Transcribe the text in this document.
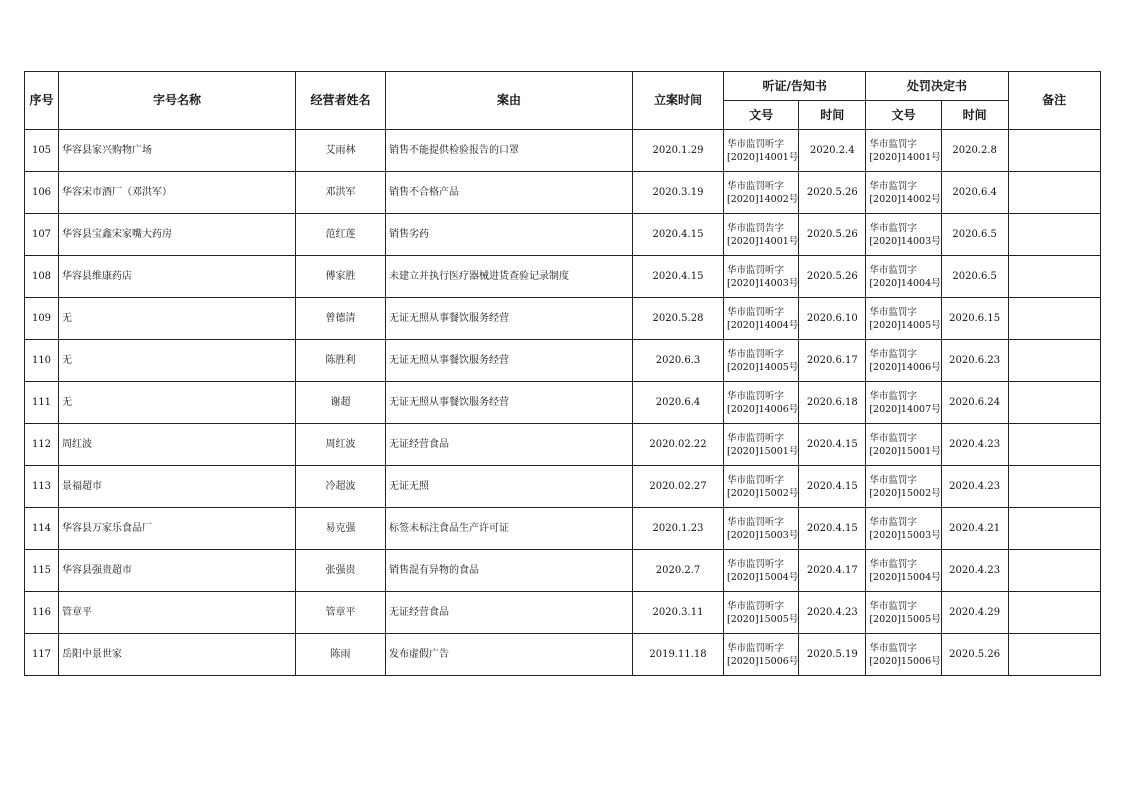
序号	字号名称	经营者姓名	案由	立案时间	听证/告知书		处罚决定书		备注
					文号	时间	文号	时间	
105	华容县家兴购物广场	艾雨林	销售不能提供检验报告的口罩	2020.1.29	华市监罚听字
[2020]14001号	2020.2.4	华市监罚字
[2020]14001号	2020.2.8	
106	华容宋市酒厂（邓洪军）	邓洪军	销售不合格产品	2020.3.19	华市监罚听字
[2020]14002号	2020.5.26	华市监罚字
[2020]14002号	2020.6.4	
107	华容县宝鑫宋家嘴大药房	范红莲	销售劣药	2020.4.15	华市监罚告字
[2020]14001号	2020.5.26	华市监罚字
[2020]14003号	2020.6.5	
108	华容县维康药店	傅家胜	未建立并执行医疗器械进货查验记录制度	2020.4.15	华市监罚听字
[2020]14003号	2020.5.26	华市监罚字
[2020]14004号	2020.6.5	
109	无	曾德清	无证无照从事餐饮服务经营	2020.5.28	华市监罚听字
[2020]14004号	2020.6.10	华市监罚字
[2020]14005号	2020.6.15	
110	无	陈胜利	无证无照从事餐饮服务经营	2020.6.3	华市监罚听字
[2020]14005号	2020.6.17	华市监罚字
[2020]14006号	2020.6.23	
111	无	谢超	无证无照从事餐饮服务经营	2020.6.4	华市监罚听字
[2020]14006号	2020.6.18	华市监罚字
[2020]14007号	2020.6.24	
112	周红波	周红波	无证经营食品	2020.02.22	华市监罚听字
[2020]15001号	2020.4.15	华市监罚字
[2020]15001号	2020.4.23	
113	景福超市	冷超波	无证无照	2020.02.27	华市监罚听字
[2020]15002号	2020.4.15	华市监罚字
[2020]15002号	2020.4.23	
114	华容县万家乐食品厂	易克强	标签未标注食品生产许可证	2020.1.23	华市监罚听字
[2020]15003号	2020.4.15	华市监罚字
[2020]15003号	2020.4.21	
115	华容县强贵超市	张强贵	销售混有异物的食品	2020.2.7	华市监罚听字
[2020]15004号	2020.4.17	华市监罚字
[2020]15004号	2020.4.23	
116	管章平	管章平	无证经营食品	2020.3.11	华市监罚听字
[2020]15005号	2020.4.23	华市监罚字
[2020]15005号	2020.4.29	
117	岳阳中景世家	陈雨	发布虚假广告	2019.11.18	华市监罚听字
[2020]15006号	2020.5.19	华市监罚字
[2020]15006号	2020.5.26	
